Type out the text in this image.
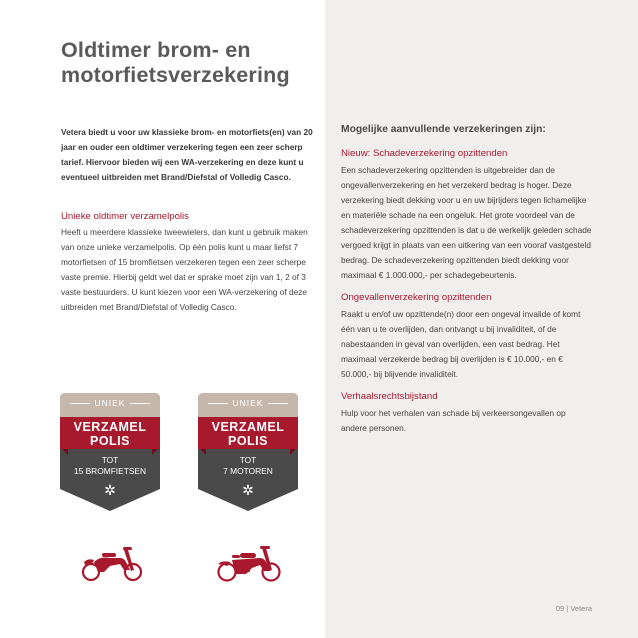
Oldtimer brom- en
motorfietsverzekering

Vetera biedt u voor uw klassieke brom- en motorfiets(en) van 20 jaar en ouder een oldtimer verzekering tegen een zeer scherp tarief. Hiervoor bieden wij een WA-verzekering en deze kunt u eventueel uitbreiden met Brand/Diefstal of Volledig Casco.

Unieke oldtimer verzamelpolis

Heeft u meerdere klassieke tweewielers, dan kunt u gebruik maken van onze unieke verzamelpolis. Op één polis kunt u maar liefst 7 motorfietsen of 15 bromfietsen verzekeren tegen een zeer scherpe vaste premie. Hierbij geldt wel dat er sprake moet zijn van 1, 2 of 3 vaste bestuurders. U kunt kiezen voor een WA-verzekering of deze uitbreiden met Brand/Diefstal of Volledig Casco.

UNIEK
VERZAMEL
POLIS
TOT
15 BROMFIETSEN
✲
UNIEK
VERZAMEL
POLIS
TOT
7 MOTOREN
✲
Mogelijke aanvullende verzekeringen zijn:
Nieuw: Schadeverzekering opzittenden

Een schadeverzekering opzittenden is uitgebreider dan de ongevallenverzekering en het verzekerd bedrag is hoger. Deze verzekering biedt dekking voor u en uw bijrijders tegen lichamelijke en materiële schade na een ongeluk. Het grote voordeel van de schadeverzekering opzittenden is dat u de werkelijk geleden schade vergoed krijgt in plaats van een uitkering van een vooraf vastgesteld bedrag. De schadeverzekering opzittenden biedt dekking voor maximaal € 1.000.000,- per schadegebeurtenis.

Ongevallenverzekering opzittenden

Raakt u en/of uw opzittende(n) door een ongeval invalide of komt één van u te overlijden, dan ontvangt u bij invaliditeit, of de nabestaanden in geval van overlijden, een vast bedrag. Het maximaal verzekerde bedrag bij overlijden is € 10.000,- en € 50.000,- bij blijvende invaliditeit.

Verhaalsrechtsbijstand

Hulp voor het verhalen van schade bij verkeersongevallen op andere personen.

09 | Vetera
